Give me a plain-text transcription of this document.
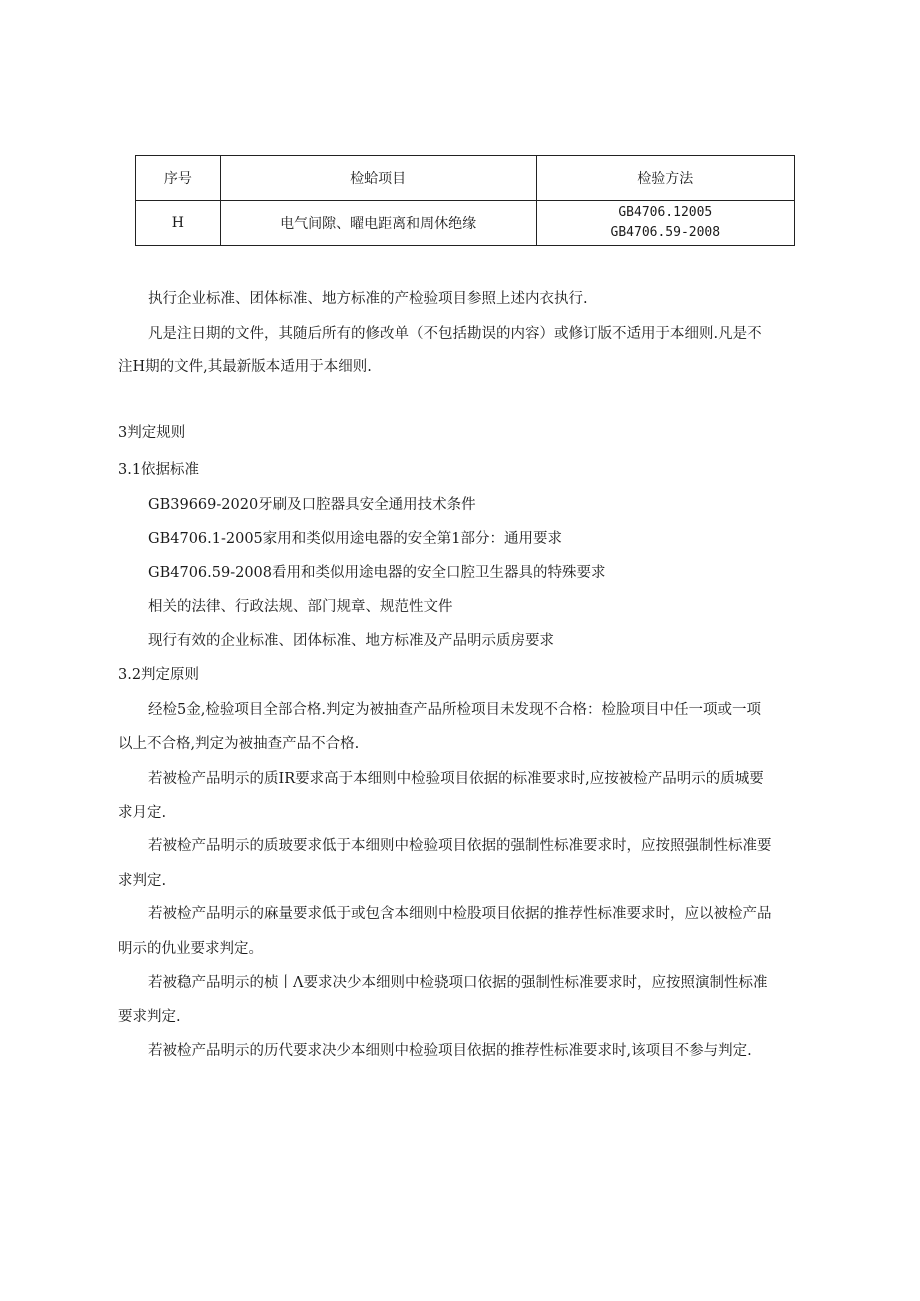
序号	检蛤项目	检验方法
H	电气间隙、曜电距离和周休绝缘	GB4706.12005
GB4706.59-2008
执行企业标准、团体标准、地方标准的产检验项目参照上述内衣执行.
凡是注日期的文件，其随后所有的修改单（不包括勘误的内容）或修订版不适用于本细则.凡是不
注H期的文件,其最新版本适用于本细则.
3判定规则
3.1依据标准
GB39669-2020牙刷及口腔器具安全通用技术条件
GB4706.1-2005家用和类似用途电器的安全第1部分：通用要求
GB4706.59-2008看用和类似用途电器的安全口腔卫生器具的特殊要求
相关的法律、行政法规、部门规章、规范性文件
现行有效的企业标准、团体标准、地方标准及产品明示质房要求
3.2判定原则
经检5金,检验项目全部合格.判定为被抽查产品所检项目未发现不合格：检脸项目中任一项或一项
以上不合格,判定为被抽查产品不合格.
若被检产品明示的质IR要求高于本细则中检验项目依据的标准要求时,应按被检产品明示的质城要
求月定.
若被检产品明示的质玻要求低于本细则中检验项目依据的强制性标准要求时，应按照强制性标准要
求判定.
若被检产品明示的麻量要求低于或包含本细则中检股项目依据的推荐性标准要求时，应以被检产品
明示的仇业要求判定。
若被稳产品明示的桢丨Λ要求决少本细则中检骁项口依据的强制性标准要求时，应按照演制性标准
要求判定.
若被检产品明示的历代要求决少本细则中检验项目依据的推荐性标准要求时,该项目不参与判定.
